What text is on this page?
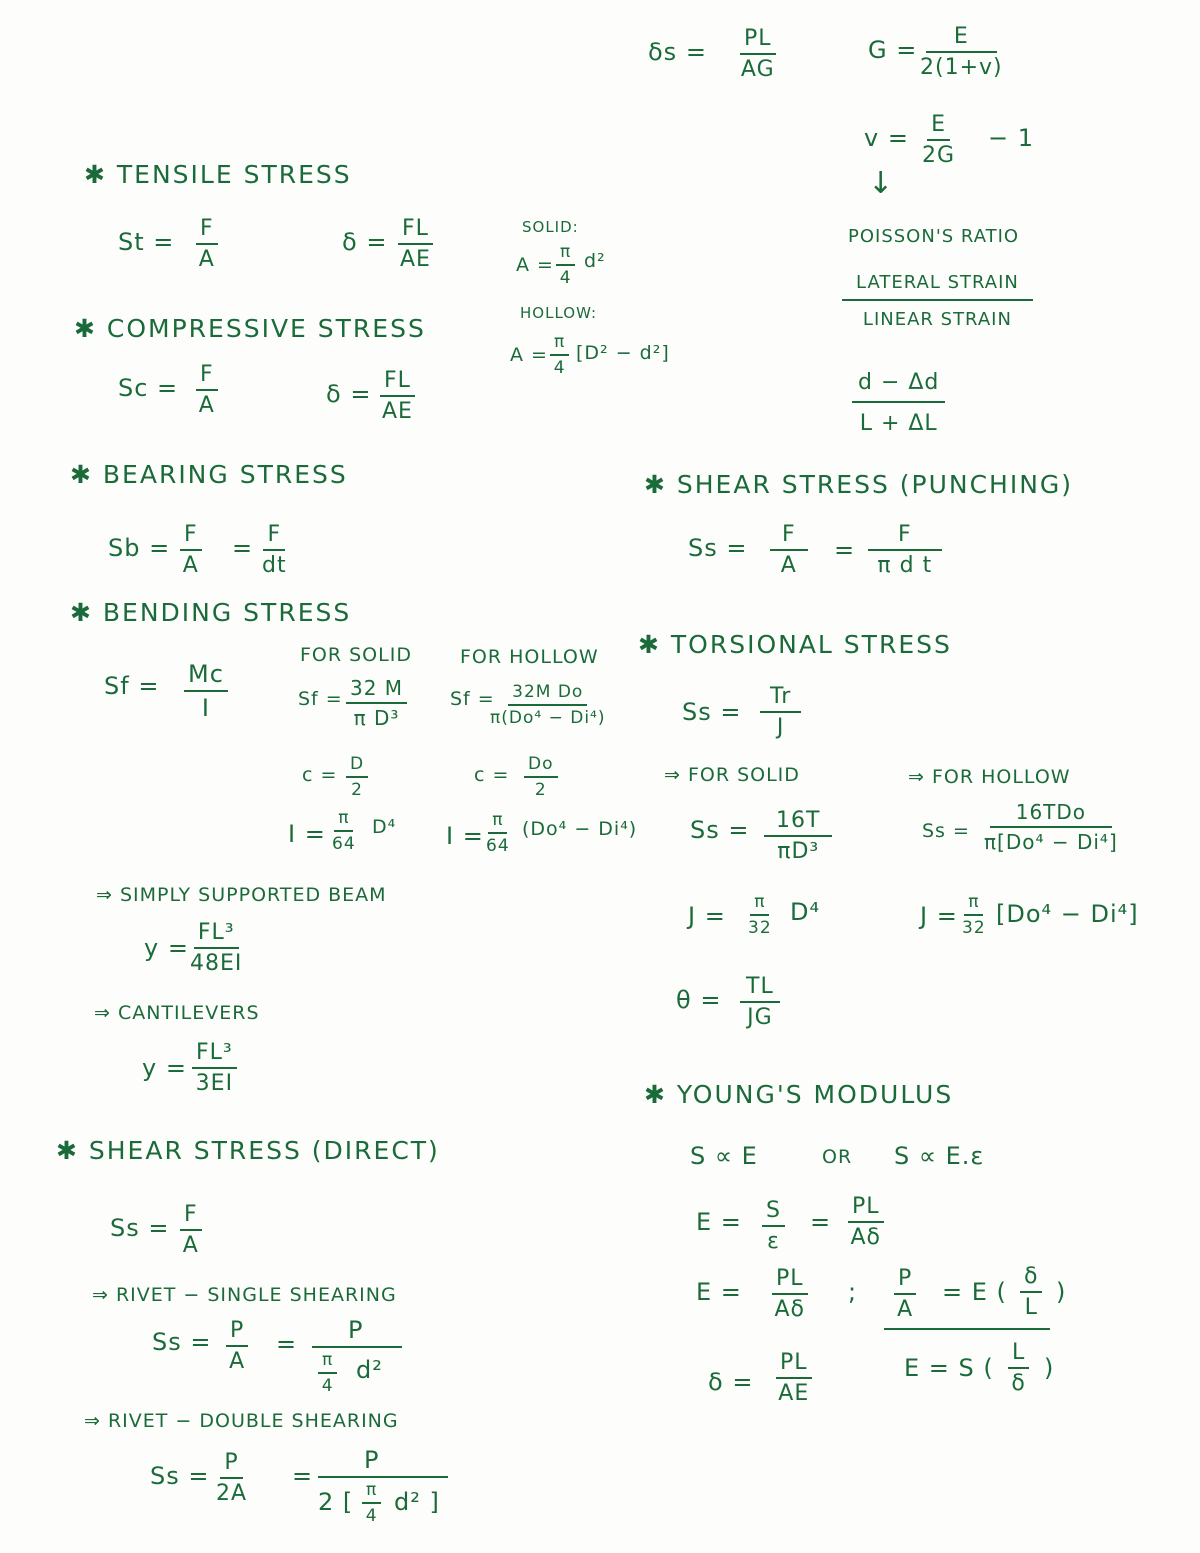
$\delta s = \frac{PL}{AG}$	$G = \frac{E}{2(1+v)}$
$v = \frac{E}{2G} - 1$
↓
POISSON'S RATIO
LATERAL STRAIN
LINEAR STRAIN
$\frac{d - \Delta d}{L + \Delta L}$
✱ TENSILE STRESS
$St = \frac{F}{A}$	$\delta = \frac{FL}{AE}$	SOLID:
$A = \frac{\pi}{4} d^2$
HOLLOW:
$A = \frac{\pi}{4} [D^2 - d^2]$
✱ COMPRESSIVE STRESS
$Sc = \frac{F}{A}$	$\delta = \frac{FL}{AE}$
✱ BEARING STRESS
$Sb = \frac{F}{A} = \frac{F}{dt}$
✱ BENDING STRESS
$Sf = \frac{Mc}{I}$
FOR SOLID	FOR HOLLOW
$Sf = \frac{32 M}{\text{π D³}}$ Sf =
$\frac{\text{32M Do}}{\text{π(Do⁴ − Di⁴)}}$
$c = \frac{D}{2}$	$c = \frac{Do}{2}$
$I = \frac{\pi}{64} D^4$ $I = \frac{\pi}{64} (Do^4 - Di^4)$
⇒ SIMPLY SUPPORTED BEAM
$y = \frac{\text{FL³}}{48EI}$
⇒ CANTILEVERS
$y = \frac{\text{FL³}}{3EI}$
✱ SHEAR STRESS (DIRECT)
$Ss = \frac{F}{A}$
⇒ RIVET − SINGLE SHEARING
$Ss = \frac{P}{A} = P$
$\frac{\pi}{4} d^2$
⇒ RIVET − DOUBLE SHEARING
$Ss = \frac{P}{2A}$ =
P
2 [ $\frac{\pi}{4} d^2$ ]
✱ SHEAR STRESS (PUNCHING)
$Ss = \frac{F}{A} = \frac{F}{\text{π d t}}$
✱ TORSIONAL STRESS
$Ss = \frac{Tr}{J}$
⇒ FOR SOLID	⇒ FOR HOLLOW
$Ss = \frac{16T}{\text{πD³}}$	Ss =
16TDo
π[Do⁴ − Di⁴]
$J = \frac{\pi}{32} D^4$	$J = \frac{\pi}{32} [Do^4 - Di^4]$
$\theta = \frac{TL}{JG}$
✱ YOUNG'S MODULUS
S ∝ E	OR S ∝ E.ε
$E = \frac{S}{\varepsilon} = \frac{PL}{A\delta}$
$E = \frac{PL}{A\delta}$ ; $\frac{P}{A} = E$ ( $\frac{\delta}{L}$ )
$\delta = \frac{PL}{AE}$	E = S ( $\frac{L}{\delta}$ )
